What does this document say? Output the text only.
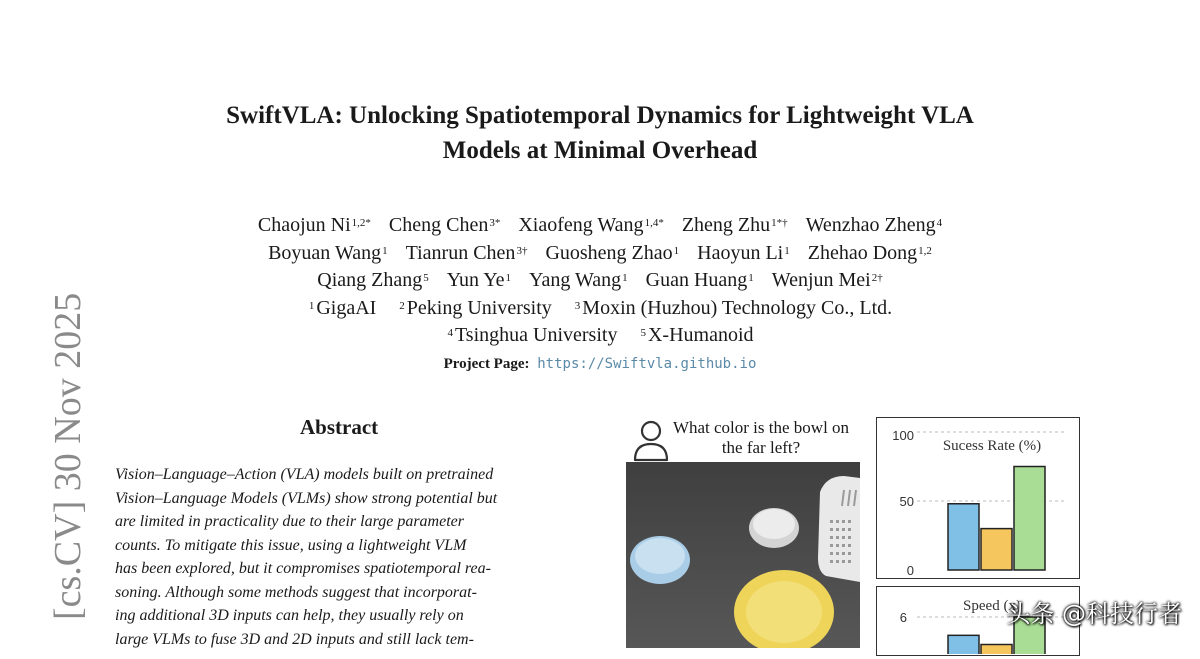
SwiftVLA: Unlocking Spatiotemporal Dynamics for Lightweight VLA
Models at Minimal Overhead
Chaojun $Ni^{1,2*}$ Cheng Chen$^{3*}$ Xiaofeng Wang$^{1,4*}$ Zheng Zhu$^{1*\dagger}$ Wenzhao Zheng$^4$
Boyuan Wang$^1$ Tianrun Chen$^{3\dagger}$ Guosheng Zhao$^1$ Haoyun Li$^1$ Zhehao Dong$^{1,2}$
Qiang Zhang$^5$ Yun Ye$^1$ Yang Wang$^1$ Guan Huang$^1$ Wenjun Mei$^{2\dagger}$
$^1$ GigaAI $^2$ Peking University $^3$ Moxin (Huzhou) Technology Co., Ltd.
$^4$ Tsinghua University $^5$ X-Humanoid
Project Page: https://Swiftvla.github.io
[cs.CV] 30 Nov 2025	Abstract

Vision–Language–Action (VLA) models built on pretrained

Vision–Language Models (VLMs) show strong potential but

are limited in practicality due to their large parameter

counts. To mitigate this issue, using a lightweight VLM

has been explored, but it compromises spatiotemporal rea-

soning. Although some methods suggest that incorporat-

ing additional 3D inputs can help, they usually rely on

large VLMs to fuse 3D and 2D inputs and still lack tem-

What color is the bowl on the far left?
0
50
100
Sucess Rate (%)
6
Speed (x)
头条 @科技行者
